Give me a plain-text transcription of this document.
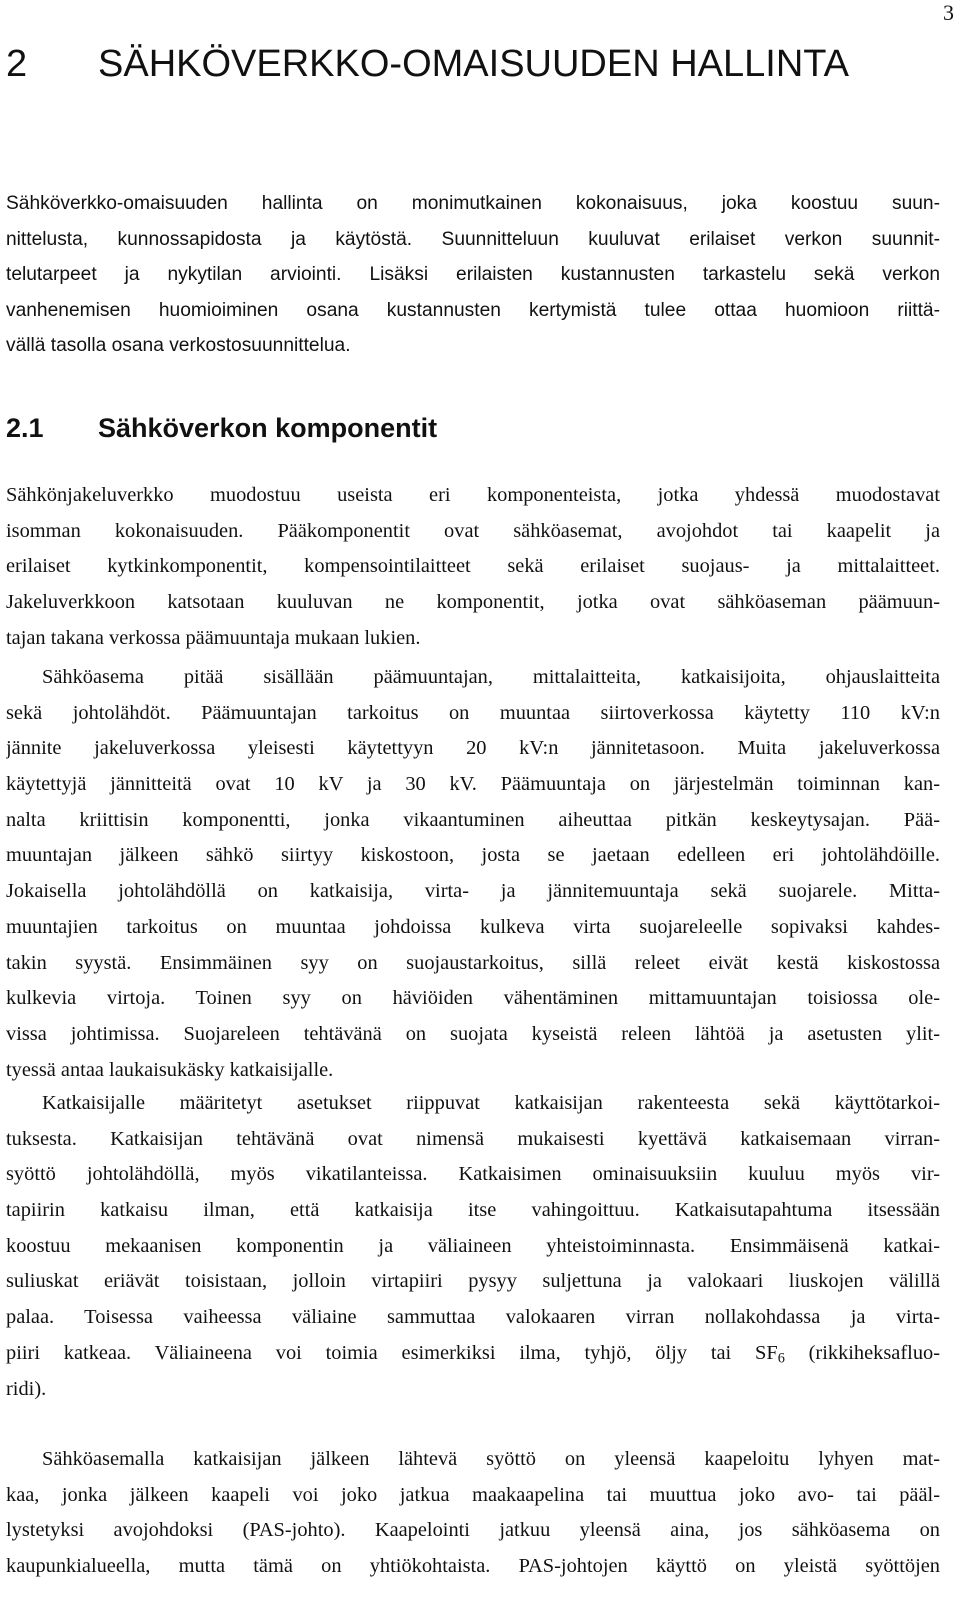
3
2	SÄHKÖVERKKO-OMAISUUDEN HALLINTA

Sähköverkko-omaisuuden hallinta on monimutkainen kokonaisuus, joka koostuu suun-
nittelusta, kunnossapidosta ja käytöstä. Suunnitteluun kuuluvat erilaiset verkon suunnit-
telutarpeet ja nykytilan arviointi. Lisäksi erilaisten kustannusten tarkastelu sekä verkon
vanhenemisen huomioiminen osana kustannusten kertymistä tulee ottaa huomioon riittä-
vällä tasolla osana verkostosuunnittelua.

2.1	Sähköverkon komponentit

Sähkönjakeluverkko muodostuu useista eri komponenteista, jotka yhdessä muodostavat
isomman kokonaisuuden. Pääkomponentit ovat sähköasemat, avojohdot tai kaapelit ja
erilaiset kytkinkomponentit, kompensointilaitteet sekä erilaiset suojaus- ja mittalaitteet.
Jakeluverkkoon katsotaan kuuluvan ne komponentit, jotka ovat sähköaseman päämuun-
tajan takana verkossa päämuuntaja mukaan lukien.

Sähköasema pitää sisällään päämuuntajan, mittalaitteita, katkaisijoita, ohjauslaitteita
sekä johtolähdöt. Päämuuntajan tarkoitus on muuntaa siirtoverkossa käytetty 110 kV:n
jännite jakeluverkossa yleisesti käytettyyn 20 kV:n jännitetasoon. Muita jakeluverkossa
käytettyjä jännitteitä ovat 10 kV ja 30 kV. Päämuuntaja on järjestelmän toiminnan kan-
nalta kriittisin komponentti, jonka vikaantuminen aiheuttaa pitkän keskeytysajan. Pää-
muuntajan jälkeen sähkö siirtyy kiskostoon, josta se jaetaan edelleen eri johtolähdöille.
Jokaisella johtolähdöllä on katkaisija, virta- ja jännitemuuntaja sekä suojarele. Mitta-
muuntajien tarkoitus on muuntaa johdoissa kulkeva virta suojareleelle sopivaksi kahdes-
takin syystä. Ensimmäinen syy on suojaustarkoitus, sillä releet eivät kestä kiskostossa
kulkevia virtoja. Toinen syy on häviöiden vähentäminen mittamuuntajan toisiossa ole-
vissa johtimissa. Suojareleen tehtävänä on suojata kyseistä releen lähtöä ja asetusten ylit-
tyessä antaa laukaisukäsky katkaisijalle.

Katkaisijalle määritetyt asetukset riippuvat katkaisijan rakenteesta sekä käyttötarkoi-
tuksesta. Katkaisijan tehtävänä ovat nimensä mukaisesti kyettävä katkaisemaan virran-
syöttö johtolähdöllä, myös vikatilanteissa. Katkaisimen ominaisuuksiin kuuluu myös vir-
tapiirin katkaisu ilman, että katkaisija itse vahingoittuu. Katkaisutapahtuma itsessään
koostuu mekaanisen komponentin ja väliaineen yhteistoiminnasta. Ensimmäisenä katkai-
suliuskat eriävät toisistaan, jolloin virtapiiri pysyy suljettuna ja valokaari liuskojen välillä
palaa. Toisessa vaiheessa väliaine sammuttaa valokaaren virran nollakohdassa ja virta-
piiri katkeaa. Väliaineena voi toimia esimerkiksi ilma, tyhjö, öljy tai $SF_6$ (rikkiheksafluo-
ridi).

Sähköasemalla katkaisijan jälkeen lähtevä syöttö on yleensä kaapeloitu lyhyen mat-
kaa, jonka jälkeen kaapeli voi joko jatkua maakaapelina tai muuttua joko avo- tai pääl-
lystetyksi avojohdoksi (PAS-johto). Kaapelointi jatkuu yleensä aina, jos sähköasema on
kaupunkialueella, mutta tämä on yhtiökohtaista. PAS-johtojen käyttö on yleistä syöttöjen
